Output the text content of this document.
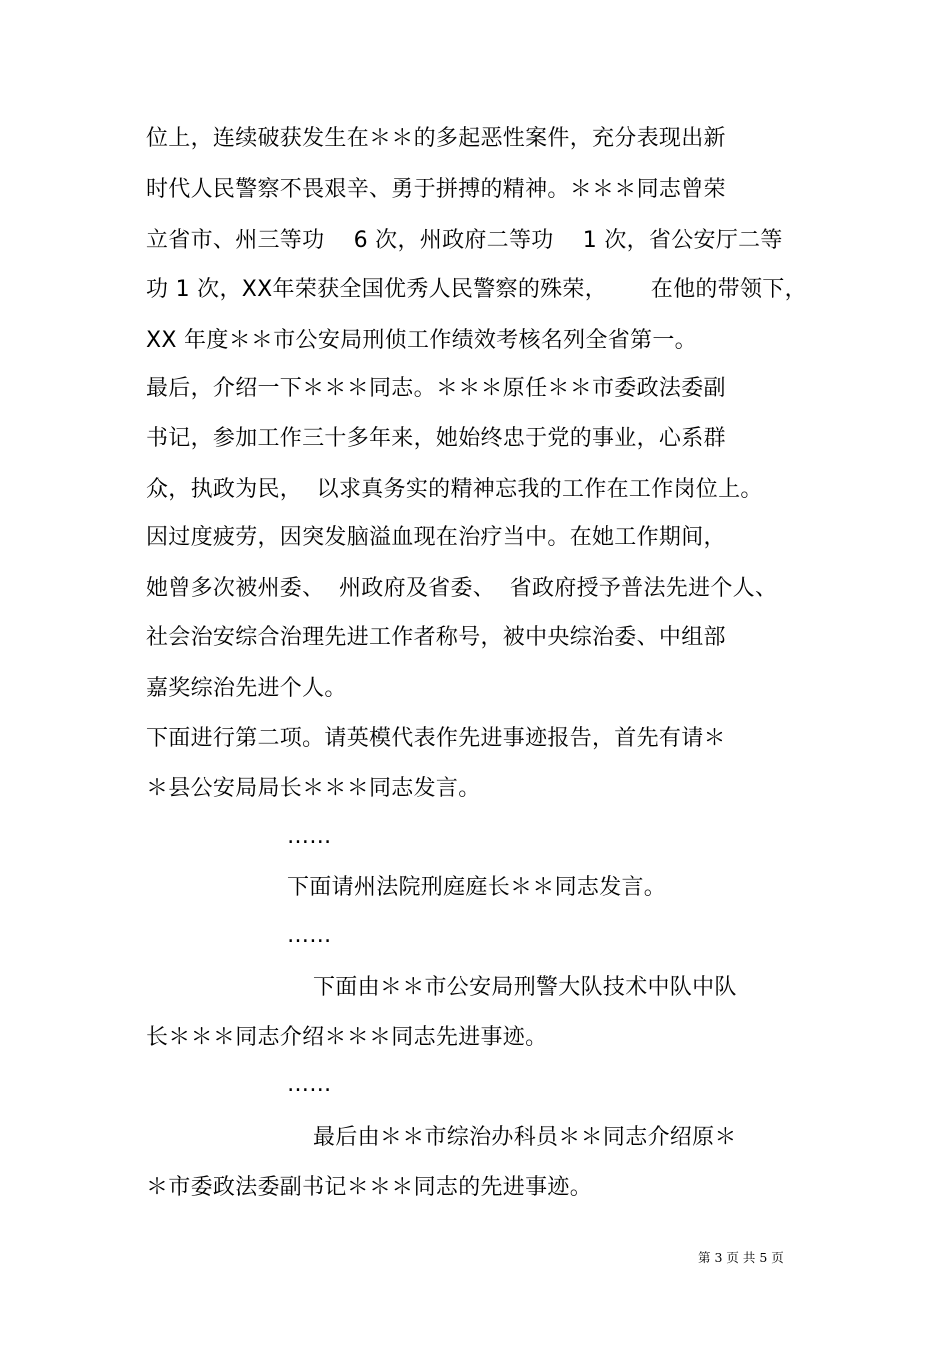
位上，连续破获发生在＊＊的多起恶性案件，充分表现出新
时代人民警察不畏艰辛、勇于拼搏的精神。＊＊＊同志曾荣
立省市、州三等功    6 次，州政府二等功    1 次，省公安厅二等
功 1 次，XX年荣获全国优秀人民警察的殊荣，      在他的带领下，
XX 年度＊＊市公安局刑侦工作绩效考核名列全省第一。
最后，介绍一下＊＊＊同志。＊＊＊原任＊＊市委政法委副
书记，参加工作三十多年来，她始终忠于党的事业，心系群
众，执政为民，  以求真务实的精神忘我的工作在工作岗位上。
因过度疲劳，因突发脑溢血现在治疗当中。在她工作期间，
她曾多次被州委、  州政府及省委、  省政府授予普法先进个人、
社会治安综合治理先进工作者称号，被中央综治委、中组部
嘉奖综治先进个人。
下面进行第二项。请英模代表作先进事迹报告，首先有请＊
＊县公安局局长＊＊＊同志发言。
……
下面请州法院刑庭庭长＊＊同志发言。
……
下面由＊＊市公安局刑警大队技术中队中队
长＊＊＊同志介绍＊＊＊同志先进事迹。
……
最后由＊＊市综治办科员＊＊同志介绍原＊
＊市委政法委副书记＊＊＊同志的先进事迹。
第 3 页 共 5 页
